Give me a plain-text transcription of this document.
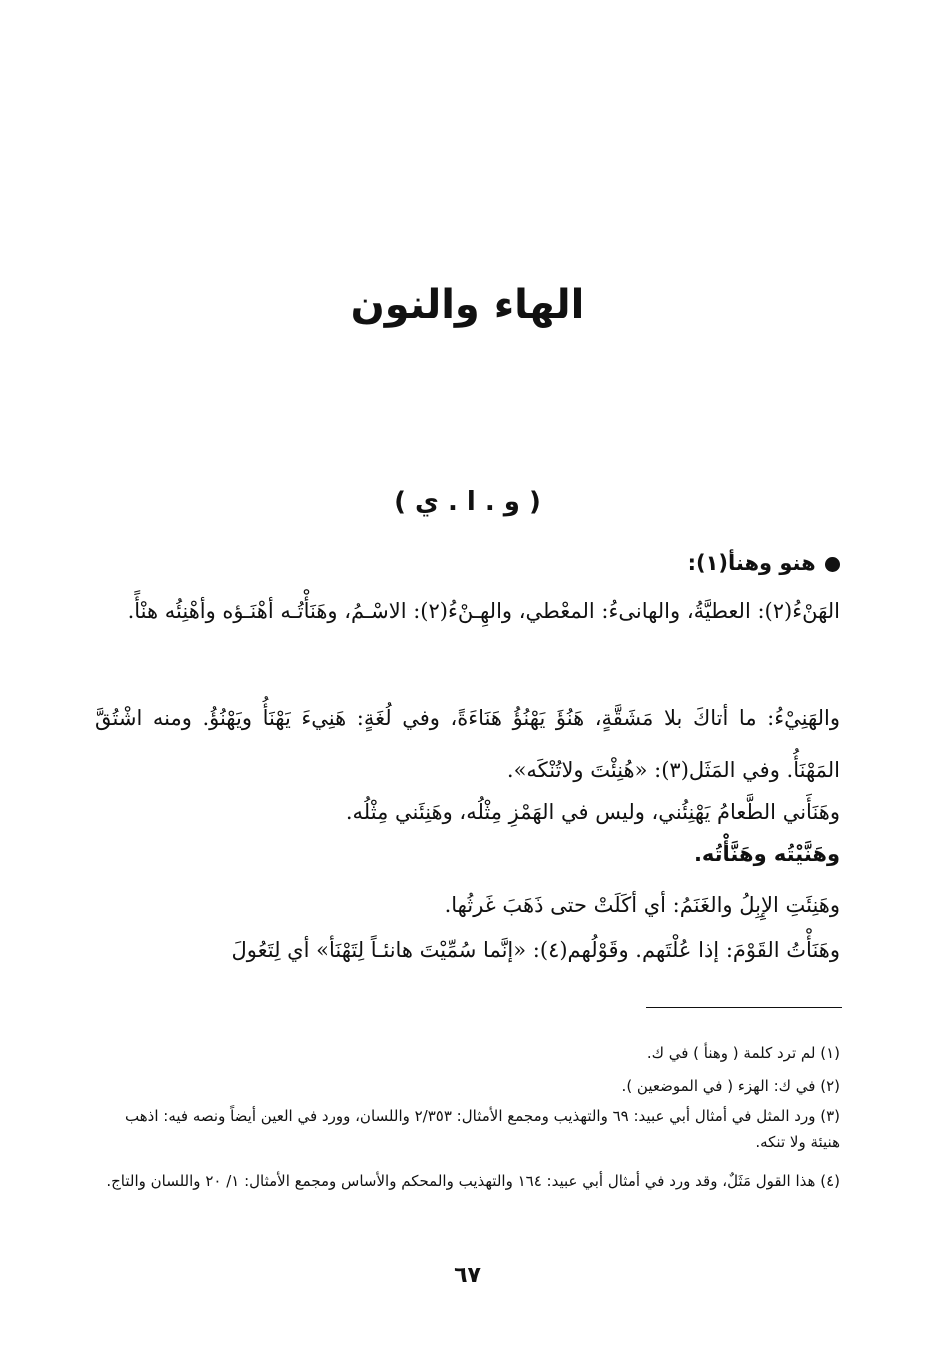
الهاء والنون
( و . ا . ي )
هنو وهنأ(١):
الهَنْءُ(٢): العطيَّةُ، والهانىءُ: المعْطي، والهِـنْءُ(٢): الاسْـمُ، وهَنَأْتُـه أهْنَـؤه وأهْنِئُه هنْأً.
والهَنِيْءُ: ما أتاكَ بلا مَشَقَّةٍ، هَنُؤَ يَهْنُؤُ هَنَاءَةً، وفي لُغَةٍ: هَنِيءَ يَهْنَأُ ويَهْنُؤُ. ومنه اشْتُقَّ المَهْنَأُ. وفي المَثَل(٣): «هُنِئْتَ ولاتُنْكَه».
وهَنَأَني الطَّعامُ يَهْنِئُني، وليس في الهَمْزِ مِثْلُه، وهَنِئَني مِثْلُه.
وهَنَّيْتُه وهَنَّأْتُه.
وهَنِئَتِ الإِبِلُ والغَنَمُ: أي أكَلَتْ حتى ذَهَبَ غَرثُها.
وهَنَأْتُ القَوْمَ: إذا عُلْتَهم. وقَوْلُهم(٤): «إنَّما سُمِّيْتَ هانئـاً لِتَهْنَأ» أي لِتَعُولَ
(١) لم ترد كلمة ( وهنأ ) في ك.
(٢) في ك: الهزء ( في الموضعين ).
(٣) ورد المثل في أمثال أبي عبيد: ٦٩ والتهذيب ومجمع الأمثال: ٢/٣٥٣ واللسان، وورد في العين أيضاً ونصه فيه: اذهب هنيئة ولا تنكه.
(٤) هذا القول مَثَلٌ، وقد ورد في أمثال أبي عبيد: ١٦٤ والتهذيب والمحكم والأساس ومجمع الأمثال: ١/ ٢٠ واللسان والتاج.
٦٧
